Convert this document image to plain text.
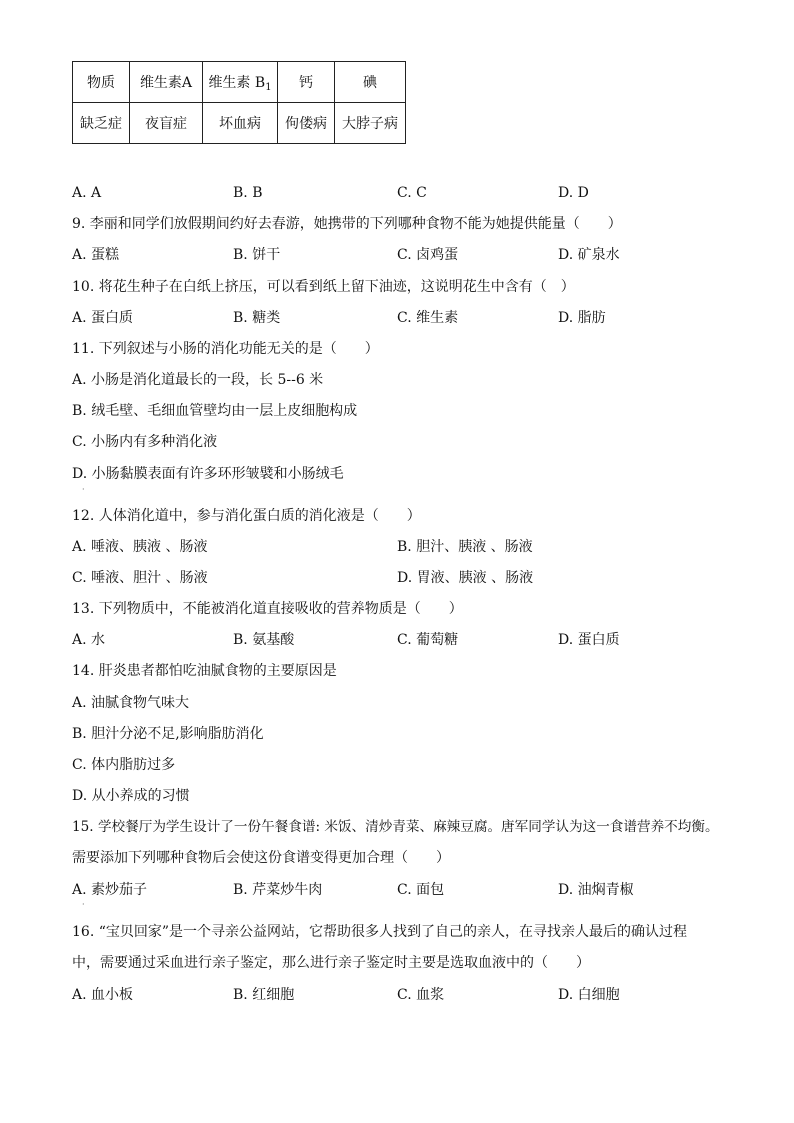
物质	维生素A	维生素 $B_1$	钙	碘
缺乏症	夜盲症	坏血病	佝偻病	大脖子病
A. A	B. B	C. C	D. D
9. 李丽和同学们放假期间约好去春游，她携带的下列哪种食物不能为她提供能量（　　）
A. 蛋糕	B. 饼干	C. 卤鸡蛋	D. 矿泉水
10. 将花生种子在白纸上挤压，可以看到纸上留下油迹，这说明花生中含有（　）
A. 蛋白质	B. 糖类	C. 维生素	D. 脂肪
11. 下列叙述与小肠的消化功能无关的是（　　）
A. 小肠是消化道最长的一段，长 5--6 米
B. 绒毛壁、毛细血管壁均由一层上皮细胞构成
C. 小肠内有多种消化液
D. 小肠黏膜表面有许多环形皱襞和小肠绒毛
·
12. 人体消化道中，参与消化蛋白质的消化液是（　　）
A. 唾液、胰液 、肠液	B. 胆汁、胰液 、肠液
C. 唾液、胆汁 、肠液	D. 胃液、胰液 、肠液
13. 下列物质中，不能被消化道直接吸收的营养物质是（　　）
A. 水	B. 氨基酸	C. 葡萄糖	D. 蛋白质
14. 肝炎患者都怕吃油腻食物的主要原因是
A. 油腻食物气味大
B. 胆汁分泌不足,影响脂肪消化
C. 体内脂肪过多
D. 从小养成的习惯
15. 学校餐厅为学生设计了一份午餐食谱: 米饭、清炒青菜、麻辣豆腐。唐军同学认为这一食谱营养不均衡。
需要添加下列哪种食物后会使这份食谱变得更加合理（　　）
A. 素炒茄子	B. 芹菜炒牛肉	C. 面包	D. 油焖青椒
·
16. “宝贝回家”是一个寻亲公益网站，它帮助很多人找到了自己的亲人，在寻找亲人最后的确认过程
中，需要通过采血进行亲子鉴定，那么进行亲子鉴定时主要是选取血液中的（　　）
A. 血小板	B. 红细胞	C. 血浆	D. 白细胞
